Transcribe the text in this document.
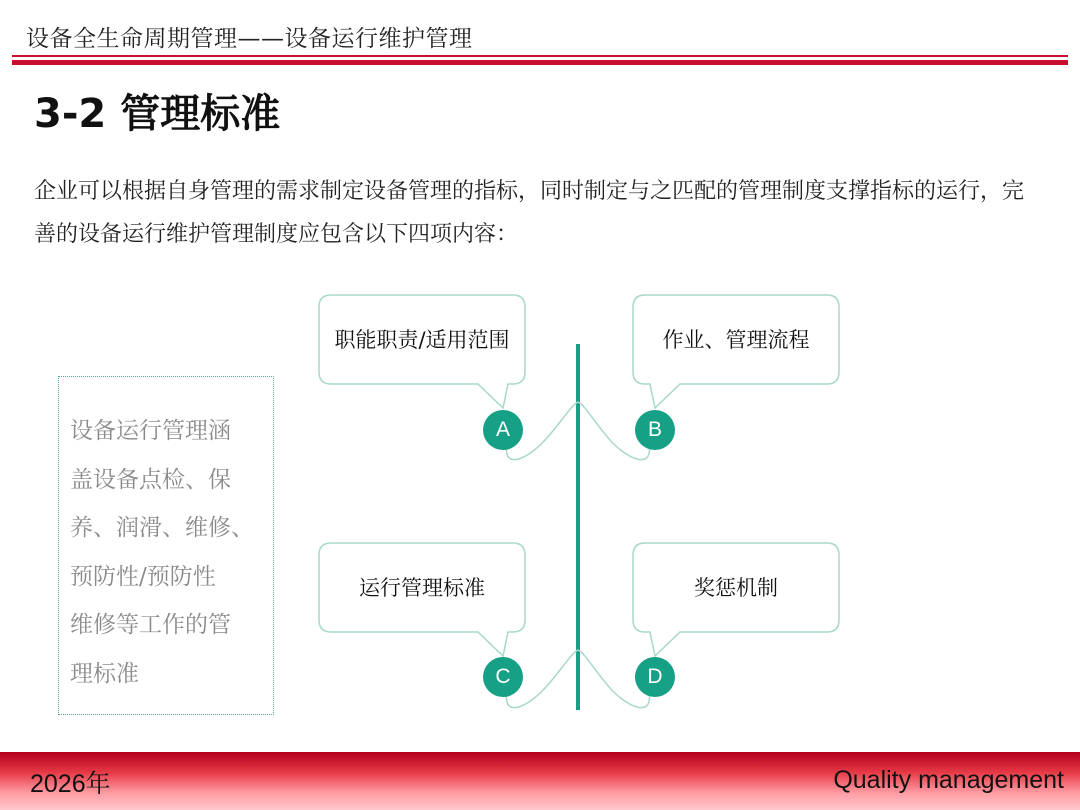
设备全生命周期管理——设备运行维护管理
3-2 管理标准
企业可以根据自身管理的需求制定设备管理的指标，同时制定与之匹配的管理制度支撑指标的运行，完善的设备运行维护管理制度应包含以下四项内容：
设备运行管理涵
盖设备点检、保
养、润滑、维修、
预防性/预防性
维修等工作的管
理标准
职能职责/适用范围	作业、管理流程
运行管理标准	奖惩机制
A	B
C	D
2026年	Quality management
